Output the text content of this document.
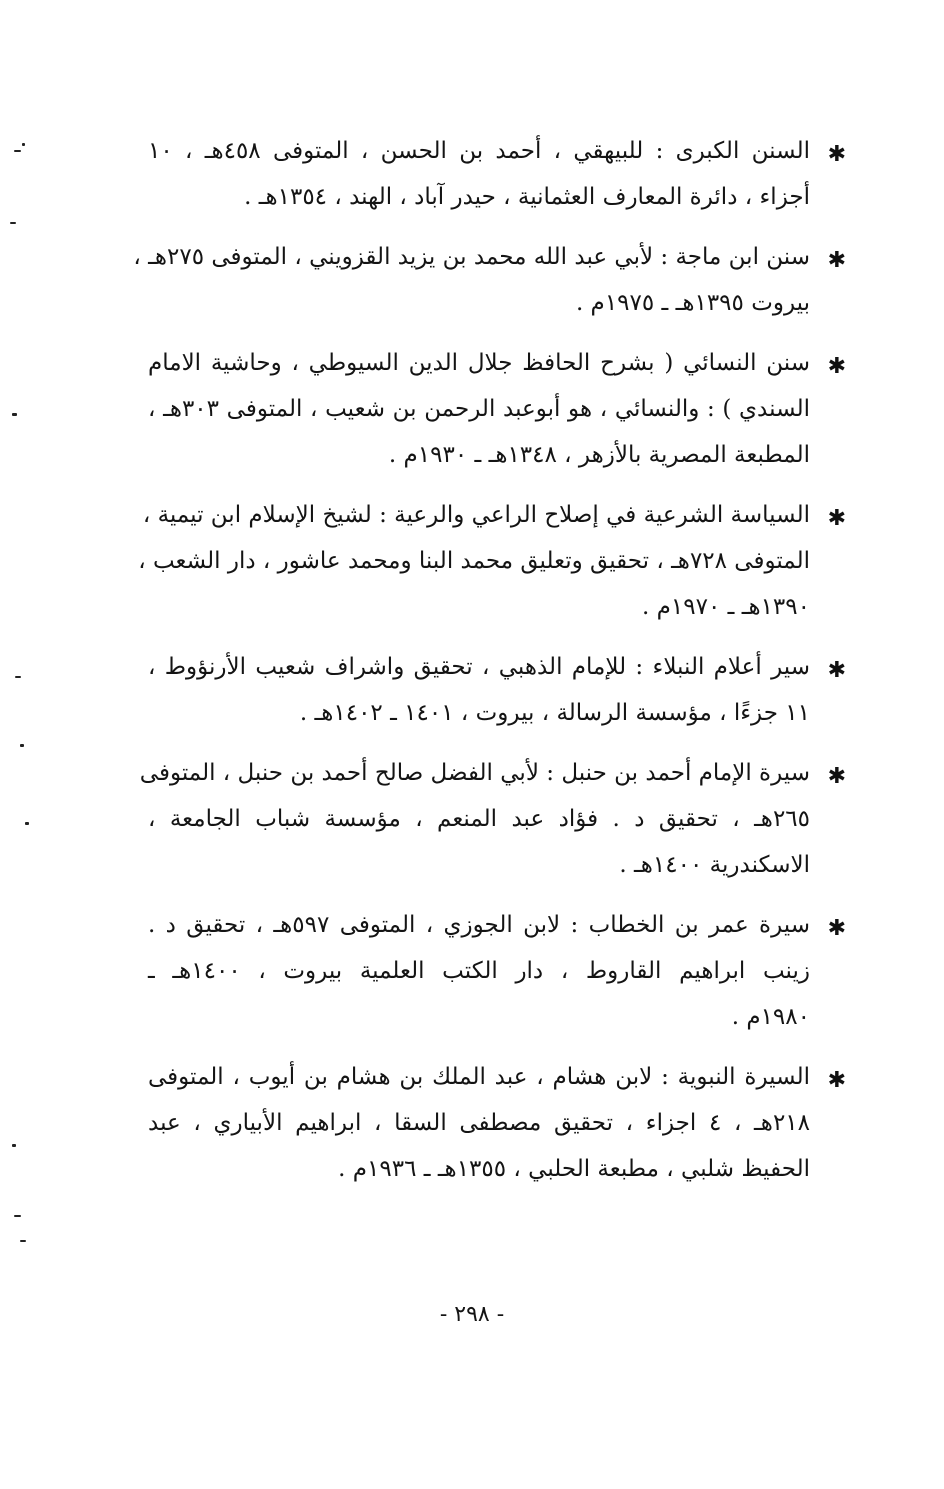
✱
السنن الكبرى : للبيهقي ، أحمد بن الحسن ، المتوفى ٤٥٨هـ ، ١٠
أجزاء ، دائرة المعارف العثمانية ، حيدر آباد ، الهند ، ١٣٥٤هـ .
✱
سنن ابن ماجة : لأبي عبد الله محمد بن يزيد القزويني ، المتوفى ٢٧٥هـ ،
بيروت ١٣٩٥هـ ـ ١٩٧٥م .
✱
سنن النسائي ( بشرح الحافظ جلال الدين السيوطي ، وحاشية الامام
السندي ) : والنسائي ، هو أبوعبد الرحمن بن شعيب ، المتوفى ٣٠٣هـ ،
المطبعة المصرية بالأزهر ، ١٣٤٨هـ ـ ١٩٣٠م .
✱
السياسة الشرعية في إصلاح الراعي والرعية : لشيخ الإسلام ابن تيمية ،
المتوفى ٧٢٨هـ ، تحقيق وتعليق محمد البنا ومحمد عاشور ، دار الشعب ،
١٣٩٠هـ ـ ١٩٧٠م .
✱
سير أعلام النبلاء : للإمام الذهبي ، تحقيق واشراف شعيب الأرنؤوط ،
١١ جزءًا ، مؤسسة الرسالة ، بيروت ، ١٤٠١ ـ ١٤٠٢هـ .
✱
سيرة الإمام أحمد بن حنبل : لأبي الفضل صالح أحمد بن حنبل ، المتوفى
٢٦٥هـ ، تحقيق د . فؤاد عبد المنعم ، مؤسسة شباب الجامعة ،
الاسكندرية ١٤٠٠هـ .
✱
سيرة عمر بن الخطاب : لابن الجوزي ، المتوفى ٥٩٧هـ ، تحقيق د .
زينب ابراهيم القاروط ، دار الكتب العلمية بيروت ، ١٤٠٠هـ ـ
١٩٨٠م .
✱
السيرة النبوية : لابن هشام ، عبد الملك بن هشام بن أيوب ، المتوفى
٢١٨هـ ، ٤ اجزاء ، تحقيق مصطفى السقا ، ابراهيم الأبياري ، عبد
الحفيظ شلبي ، مطبعة الحلبي ، ١٣٥٥هـ ـ ١٩٣٦م .
- ٢٩٨ -
